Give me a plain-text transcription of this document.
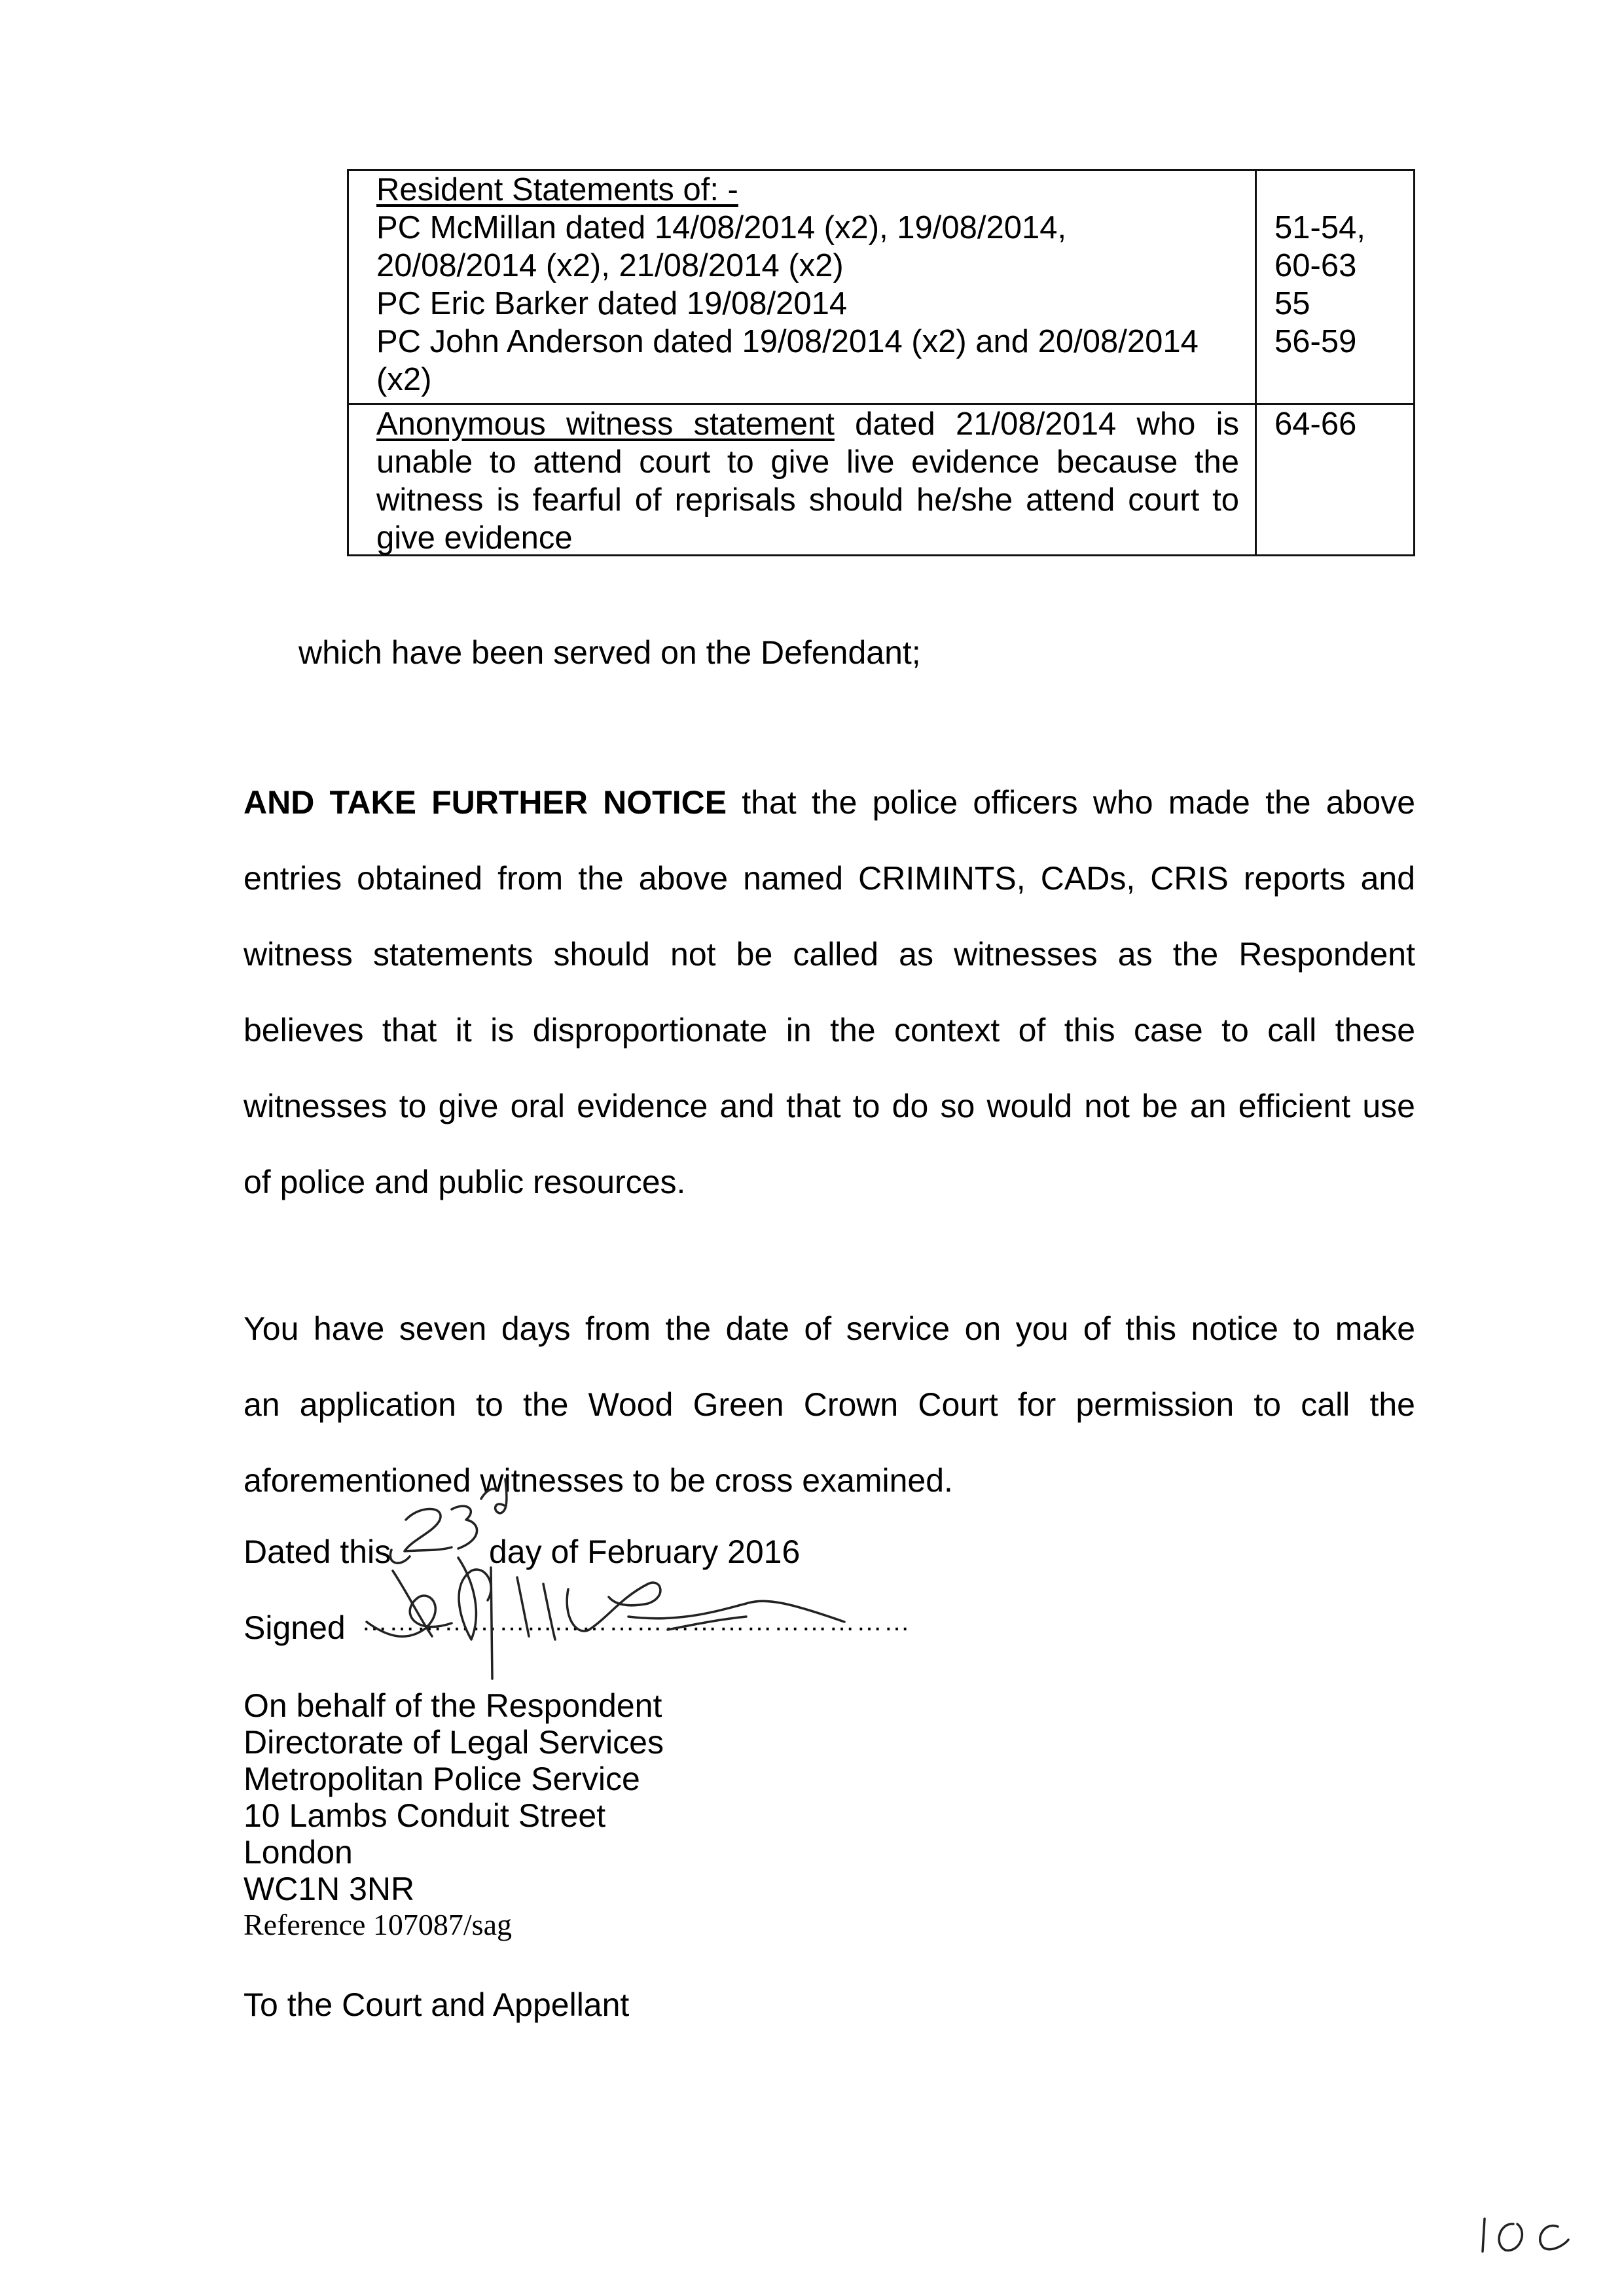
Resident Statements of: -
PC McMillan dated 14/08/2014 (x2), 19/08/2014,
20/08/2014 (x2), 21/08/2014 (x2)
PC Eric Barker dated 19/08/2014
PC John Anderson dated 19/08/2014 (x2) and 20/08/2014
(x2)
51-54,
60-63
55
56-59
Anonymous witness statement dated 21/08/2014 who is unable to attend court to give live evidence because the witness is fearful of reprisals should he/she attend court to give evidence
64-66
which have been served on the Defendant;
AND TAKE FURTHER NOTICE that the police officers who made the above
entries obtained from the above named CRIMINTS, CADs, CRIS reports and
witness statements should not be called as witnesses as the Respondent
believes that it is disproportionate in the context of this case to call these
witnesses to give oral evidence and that to do so would not be an efficient use
of police and public resources.
You have seven days from the date of service on you of this notice to make
an application to the Wood Green Crown Court for permission to call the
aforementioned witnesses to be cross examined.
Dated this	day of February 2016
Signed ……………………………………………………
On behalf of the Respondent
Directorate of Legal Services
Metropolitan Police Service
10 Lambs Conduit Street
London
WC1N 3NR
Reference 107087/sag
To the Court and Appellant
